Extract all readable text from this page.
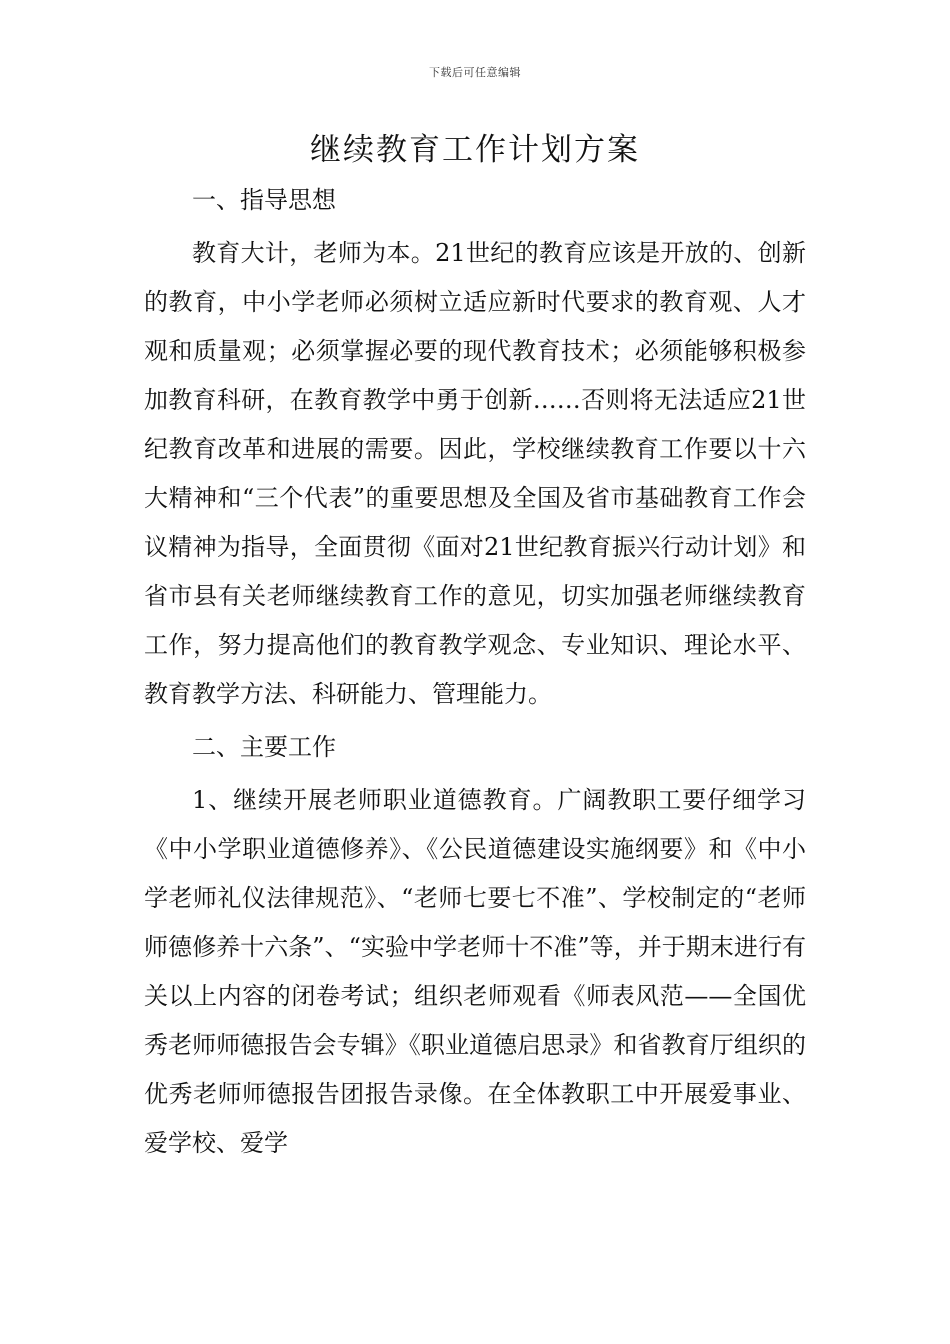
下载后可任意编辑
继续教育工作计划方案
一、指导思想

教育大计，老师为本。21世纪的教育应该是开放的、创新的教育，中小学老师必须树立适应新时代要求的教育观、人才观和质量观；必须掌握必要的现代教育技术；必须能够积极参加教育科研，在教育教学中勇于创新……否则将无法适应21世纪教育改革和进展的需要。因此，学校继续教育工作要以十六大精神和“三个代表”的重要思想及全国及省市基础教育工作会议精神为指导，全面贯彻《面对21世纪教育振兴行动计划》和省市县有关老师继续教育工作的意见，切实加强老师继续教育工作，努力提高他们的教育教学观念、专业知识、理论水平、教育教学方法、科研能力、管理能力。

二、主要工作

1、继续开展老师职业道德教育。广阔教职工要仔细学习《中小学职业道德修养》、《公民道德建设实施纲要》和《中小学老师礼仪法律规范》、“老师七要七不准”、学校制定的“老师师德修养十六条”、“实验中学老师十不准”等，并于期末进行有关以上内容的闭卷考试；组织老师观看《师表风范——全国优秀老师师德报告会专辑》《职业道德启思录》和省教育厅组织的优秀老师师德报告团报告录像。在全体教职工中开展爱事业、爱学校、爱学
